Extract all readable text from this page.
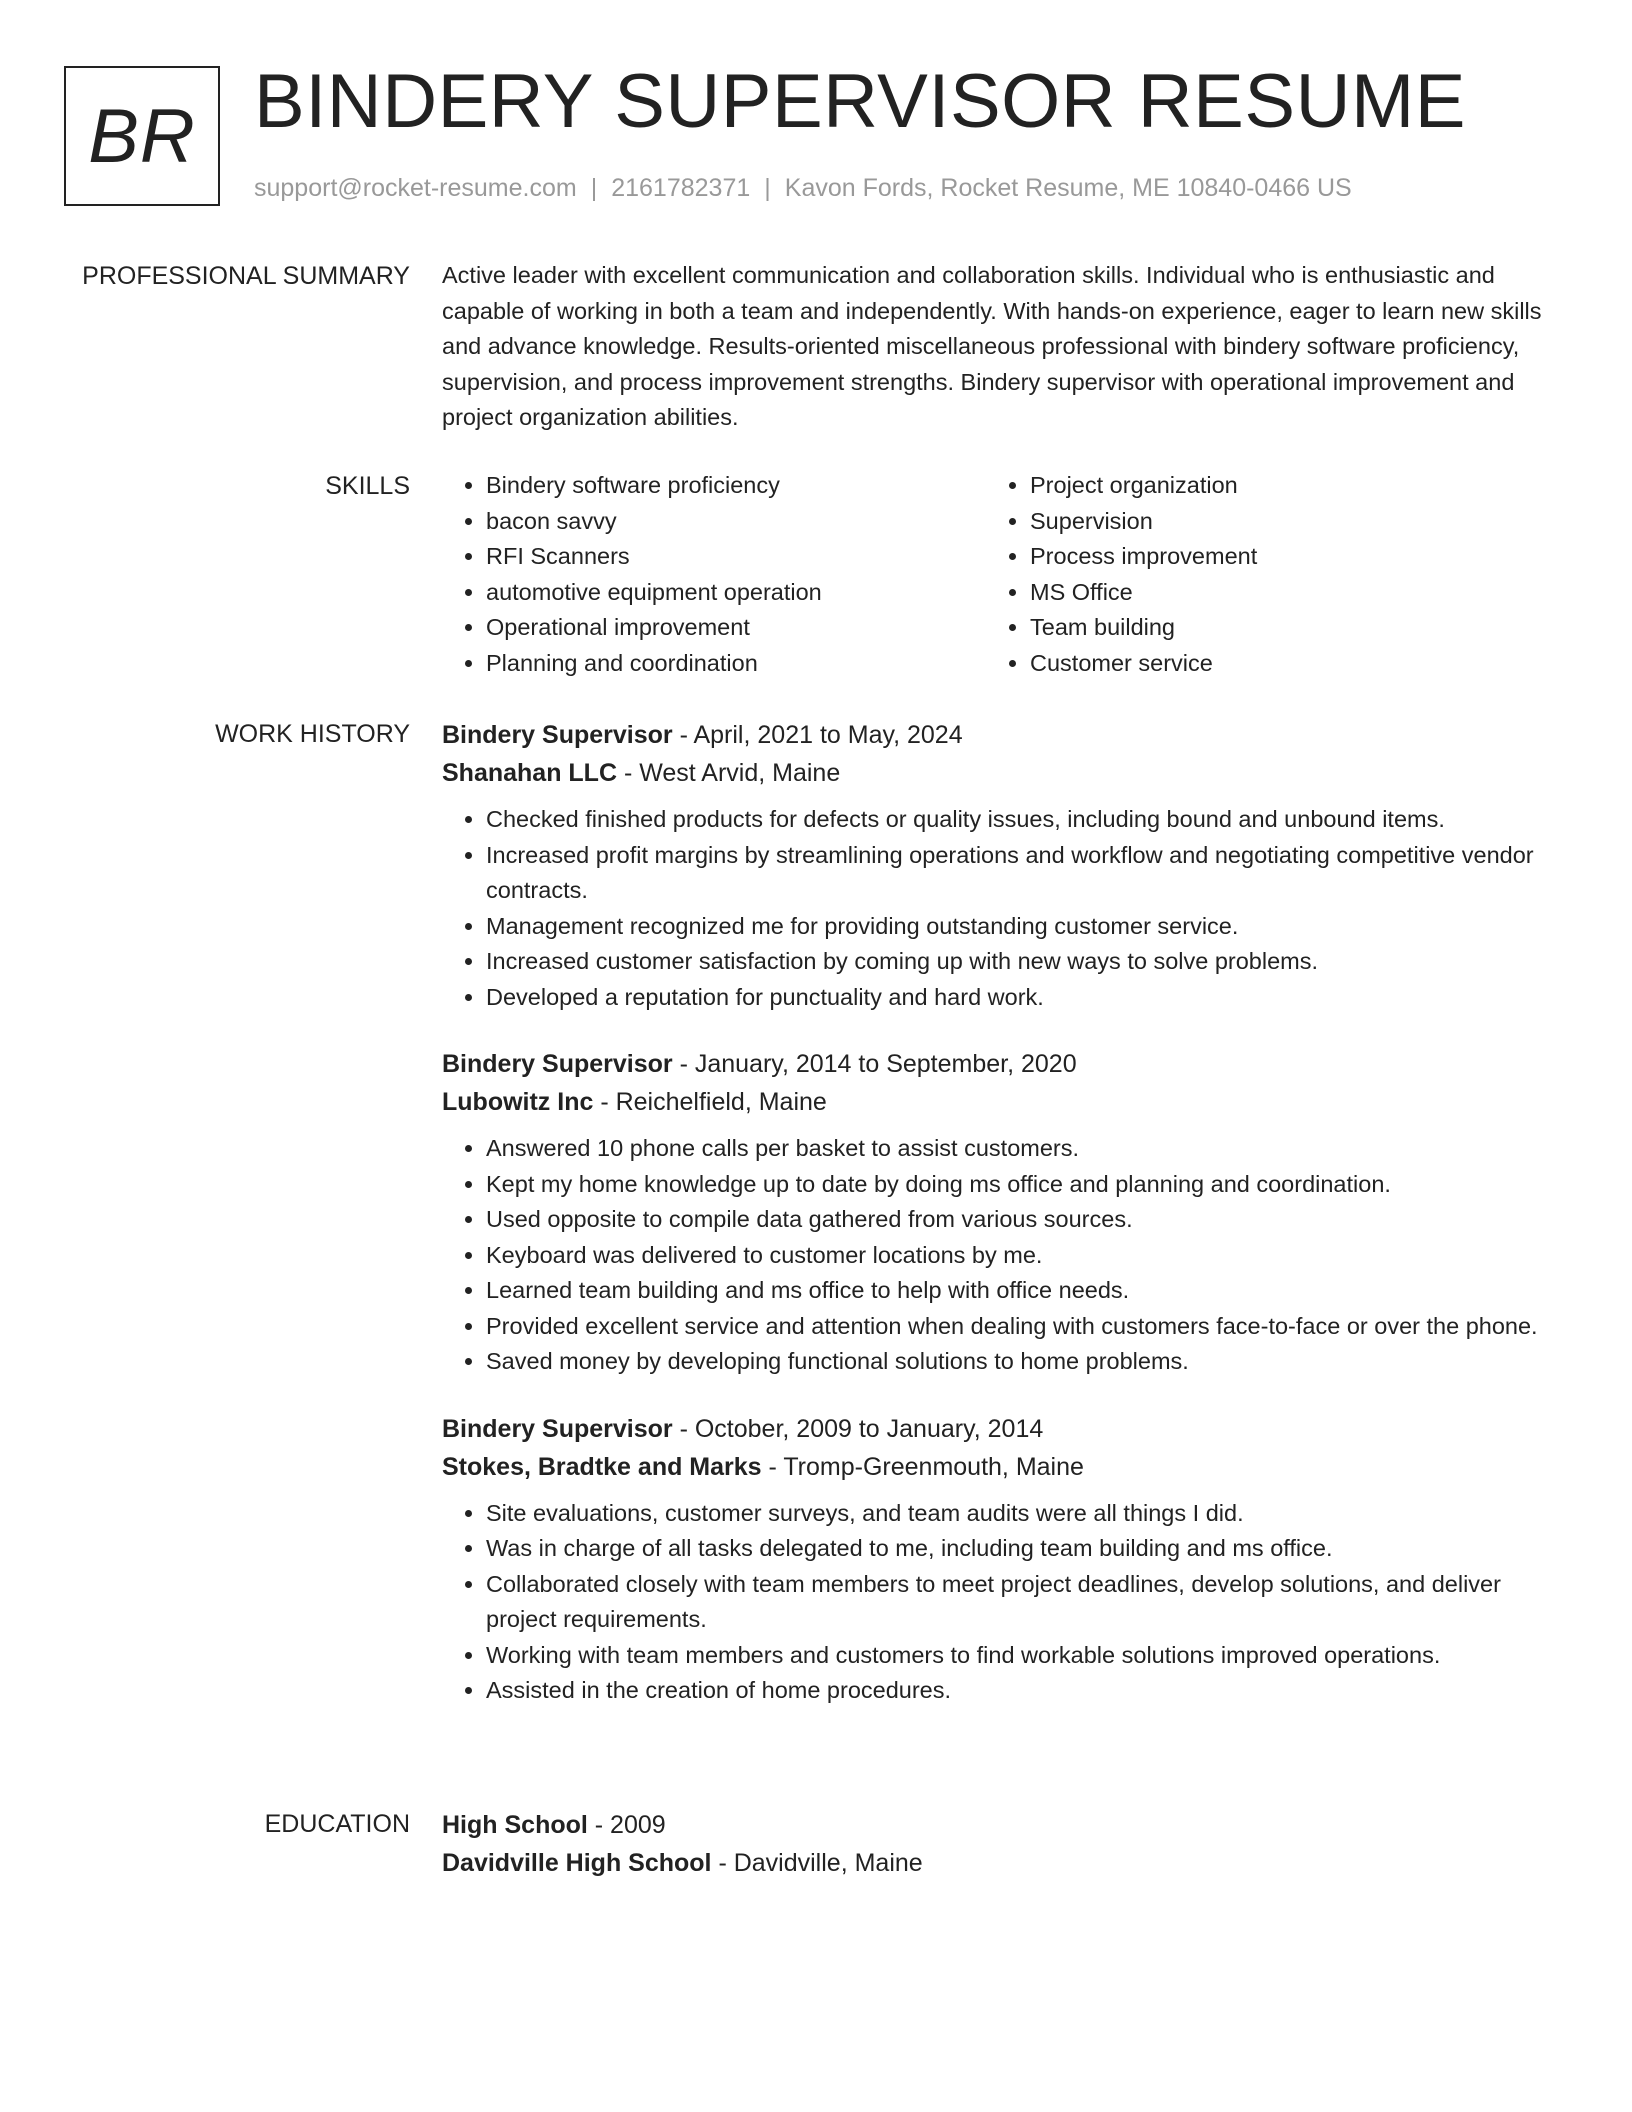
BR BINDERY SUPERVISOR RESUME
support@rocket-resume.com | 2161782371 | Kavon Fords, Rocket Resume, ME 10840-0466 US
PROFESSIONAL SUMMARY Active leader with excellent communication and collaboration skills. Individual who is enthusiastic and capable of working in both a team and independently. With hands-on experience, eager to learn new skills and advance knowledge. Results-oriented miscellaneous professional with bindery software proficiency, supervision, and process improvement strengths. Bindery supervisor with operational improvement and project organization abilities.

SKILLS
•	Bindery software proficiency
• bacon savvy
• RFI Scanners
• automotive equipment operation
• Operational improvement
• Planning and coordination
• Project organization
• Supervision
• Process improvement
• MS Office
• Team building
• Customer service
WORK HISTORY Bindery Supervisor - April, 2021 to May, 2024
Shanahan LLC - West Arvid, Maine
• Checked finished products for defects or quality issues, including bound and unbound items.
• Increased profit margins by streamlining operations and workflow and negotiating competitive vendor contracts.
• Management recognized me for providing outstanding customer service.
• Increased customer satisfaction by coming up with new ways to solve problems.
• Developed a reputation for punctuality and hard work.
Bindery Supervisor - January, 2014 to September, 2020
Lubowitz Inc - Reichelfield, Maine
• Answered 10 phone calls per basket to assist customers.
• Kept my home knowledge up to date by doing ms office and planning and coordination.
• Used opposite to compile data gathered from various sources.
• Keyboard was delivered to customer locations by me.
• Learned team building and ms office to help with office needs.
• Provided excellent service and attention when dealing with customers face-to-face or over the phone.
• Saved money by developing functional solutions to home problems.
Bindery Supervisor - October, 2009 to January, 2014
Stokes, Bradtke and Marks - Tromp-Greenmouth, Maine
• Site evaluations, customer surveys, and team audits were all things I did.
• Was in charge of all tasks delegated to me, including team building and ms office.
• Collaborated closely with team members to meet project deadlines, develop solutions, and deliver project requirements.
• Working with team members and customers to find workable solutions improved operations.
• Assisted in the creation of home procedures.
EDUCATION High School - 2009
Davidville High School - Davidville, Maine
